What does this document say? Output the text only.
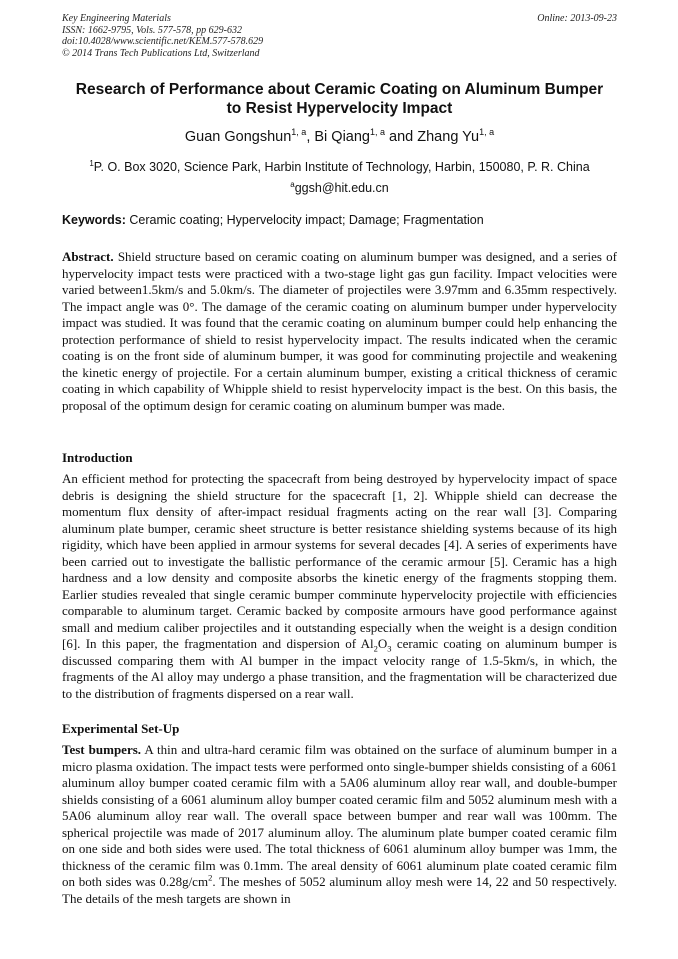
Key Engineering Materials
ISSN: 1662-9795, Vols. 577-578, pp 629-632
doi:10.4028/www.scientific.net/KEM.577-578.629
© 2014 Trans Tech Publications Ltd, Switzerland
Online: 2013-09-23
Research of Performance about Ceramic Coating on Aluminum Bumper
to Resist Hypervelocity Impact
Guan Gongshun$^{1, a}$, Bi Qiang$^{1, a}$ and Zhang Yu$^{1, a}$
$^1$P. O. Box 3020, Science Park, Harbin Institute of Technology, Harbin, 150080, P. R. China
$^a$ggsh@hit.edu.cn
Keywords: Ceramic coating; Hypervelocity impact; Damage; Fragmentation
Abstract. Shield structure based on ceramic coating on aluminum bumper was designed, and a series of hypervelocity impact tests were practiced with a two-stage light gas gun facility. Impact velocities were varied between1.5km/s and 5.0km/s. The diameter of projectiles were 3.97mm and 6.35mm respectively. The impact angle was 0°. The damage of the ceramic coating on aluminum bumper under hypervelocity impact was studied. It was found that the ceramic coating on aluminum bumper could help enhancing the protection performance of shield to resist hypervelocity impact. The results indicated when the ceramic coating is on the front side of aluminum bumper, it was good for comminuting projectile and weakening the kinetic energy of projectile. For a certain aluminum bumper, existing a critical thickness of ceramic coating in which capability of Whipple shield to resist hypervelocity impact is the best. On this basis, the proposal of the optimum design for ceramic coating on aluminum bumper was made.
Introduction
An efficient method for protecting the spacecraft from being destroyed by hypervelocity impact of space debris is designing the shield structure for the spacecraft [1, 2]. Whipple shield can decrease the momentum flux density of after-impact residual fragments acting on the rear wall [3]. Comparing aluminum plate bumper, ceramic sheet structure is better resistance shielding systems because of its high rigidity, which have been applied in armour systems for several decades [4]. A series of experiments have been carried out to investigate the ballistic performance of the ceramic armour [5]. Ceramic has a high hardness and a low density and composite absorbs the kinetic energy of the fragments stopping them. Earlier studies revealed that single ceramic bumper comminute hypervelocity projectile with efficiencies comparable to aluminum target. Ceramic backed by composite armours have good performance against small and medium caliber projectiles and it outstanding especially when the weight is a design condition [6]. In this paper, the fragmentation and dispersion of $Al_2O_3$ ceramic coating on aluminum bumper is discussed comparing them with Al bumper in the impact velocity range of 1.5-5km/s, in which, the fragments of the Al alloy may undergo a phase transition, and the fragmentation will be characterized due to the distribution of fragments dispersed on a rear wall.
Experimental Set-Up
Test bumpers. A thin and ultra-hard ceramic film was obtained on the surface of aluminum bumper in a micro plasma oxidation. The impact tests were performed onto single-bumper shields consisting of a 6061 aluminum alloy bumper coated ceramic film with a 5A06 aluminum alloy rear wall, and double-bumper shields consisting of a 6061 aluminum alloy bumper coated ceramic film and 5052 aluminum mesh with a 5A06 aluminum alloy rear wall. The overall space between bumper and rear wall was 100mm. The spherical projectile was made of 2017 aluminum alloy. The aluminum plate bumper coated ceramic film on one side and both sides were used. The total thickness of 6061 aluminum alloy bumper was 1mm, the thickness of the ceramic film was 0.1mm. The areal density of 6061 aluminum plate coated ceramic film on both sides was $0.28g/cm^2$. The meshes of 5052 aluminum alloy mesh were 14, 22 and 50 respectively. The details of the mesh targets are shown in
